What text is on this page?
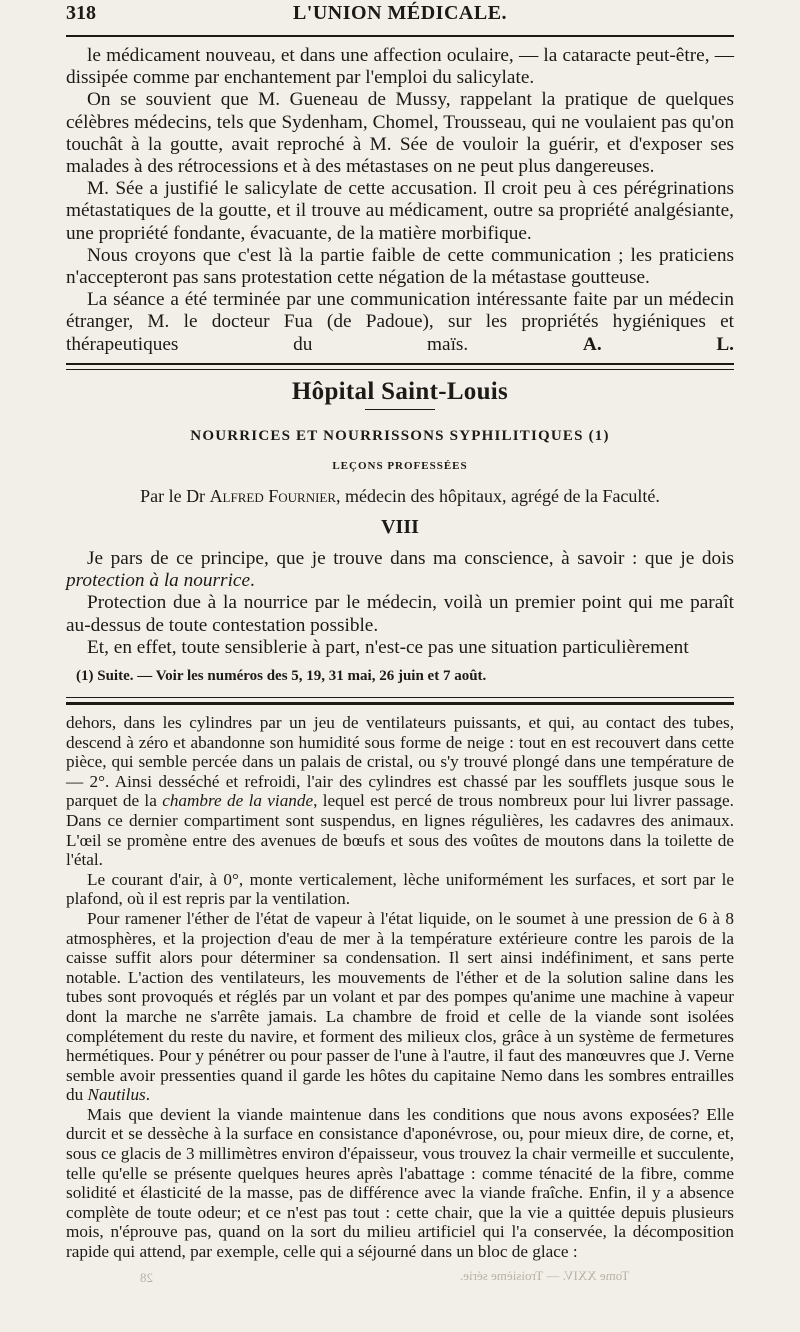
318	L'UNION MÉDICALE.

le médicament nouveau, et dans une affection oculaire, — la cataracte peut-être, — dissipée comme par enchantement par l'emploi du salicylate.

On se souvient que M. Gueneau de Mussy, rappelant la pratique de quelques célèbres médecins, tels que Sydenham, Chomel, Trousseau, qui ne voulaient pas qu'on touchât à la goutte, avait reproché à M. Sée de vouloir la guérir, et d'exposer ses malades à des rétrocessions et à des métastases on ne peut plus dangereuses.

M. Sée a justifié le salicylate de cette accusation. Il croit peu à ces pérégrinations métastatiques de la goutte, et il trouve au médicament, outre sa propriété analgésiante, une propriété fondante, évacuante, de la matière morbifique.

Nous croyons que c'est là la partie faible de cette communication ; les praticiens n'accepteront pas sans protestation cette négation de la métastase goutteuse.

La séance a été terminée par une communication intéressante faite par un médecin étranger, M. le docteur Fua (de Padoue), sur les propriétés hygiéniques et thérapeutiques du maïs.	A. L.

Hôpital Saint-Louis
NOURRICES ET NOURRISSONS SYPHILITIQUES (1)
LEÇONS PROFESSÉES
Par le Dr Alfred Fournier, médecin des hôpitaux, agrégé de la Faculté.
VIII

Je pars de ce principe, que je trouve dans ma conscience, à savoir : que je dois protection à la nourrice.

Protection due à la nourrice par le médecin, voilà un premier point qui me paraît au-dessus de toute contestation possible.

Et, en effet, toute sensiblerie à part, n'est-ce pas une situation particulièrement

(1) Suite. — Voir les numéros des 5, 19, 31 mai, 26 juin et 7 août.

dehors, dans les cylindres par un jeu de ventilateurs puissants, et qui, au contact des tubes, descend à zéro et abandonne son humidité sous forme de neige : tout en est recouvert dans cette pièce, qui semble percée dans un palais de cristal, ou s'y trouvé plongé dans une température de — 2°. Ainsi desséché et refroidi, l'air des cylindres est chassé par les soufflets jusque sous le parquet de la chambre de la viande, lequel est percé de trous nombreux pour lui livrer passage. Dans ce dernier compartiment sont suspendus, en lignes régulières, les cadavres des animaux. L'œil se promène entre des avenues de bœufs et sous des voûtes de moutons dans la toilette de l'étal.

Le courant d'air, à 0°, monte verticalement, lèche uniformément les surfaces, et sort par le plafond, où il est repris par la ventilation.

Pour ramener l'éther de l'état de vapeur à l'état liquide, on le soumet à une pression de 6 à 8 atmosphères, et la projection d'eau de mer à la température extérieure contre les parois de la caisse suffit alors pour déterminer sa condensation. Il sert ainsi indéfiniment, et sans perte notable. L'action des ventilateurs, les mouvements de l'éther et de la solution saline dans les tubes sont provoqués et réglés par un volant et par des pompes qu'anime une machine à vapeur dont la marche ne s'arrête jamais. La chambre de froid et celle de la viande sont isolées complétement du reste du navire, et forment des milieux clos, grâce à un système de fermetures hermétiques. Pour y pénétrer ou pour passer de l'une à l'autre, il faut des manœuvres que J. Verne semble avoir pressenties quand il garde les hôtes du capitaine Nemo dans les sombres entrailles du Nautilus.

Mais que devient la viande maintenue dans les conditions que nous avons exposées? Elle durcit et se dessèche à la surface en consistance d'aponévrose, ou, pour mieux dire, de corne, et, sous ce glacis de 3 millimètres environ d'épaisseur, vous trouvez la chair vermeille et succulente, telle qu'elle se présente quelques heures après l'abattage : comme ténacité de la fibre, comme solidité et élasticité de la masse, pas de différence avec la viande fraîche. Enfin, il y a absence complète de toute odeur; et ce n'est pas tout : cette chair, que la vie a quittée depuis plusieurs mois, n'éprouve pas, quand on la sort du milieu artificiel qui l'a conservée, la décomposition rapide qui attend, par exemple, celle qui a séjourné dans un bloc de glace :

Tome XXIV. — Troisième série.
28
